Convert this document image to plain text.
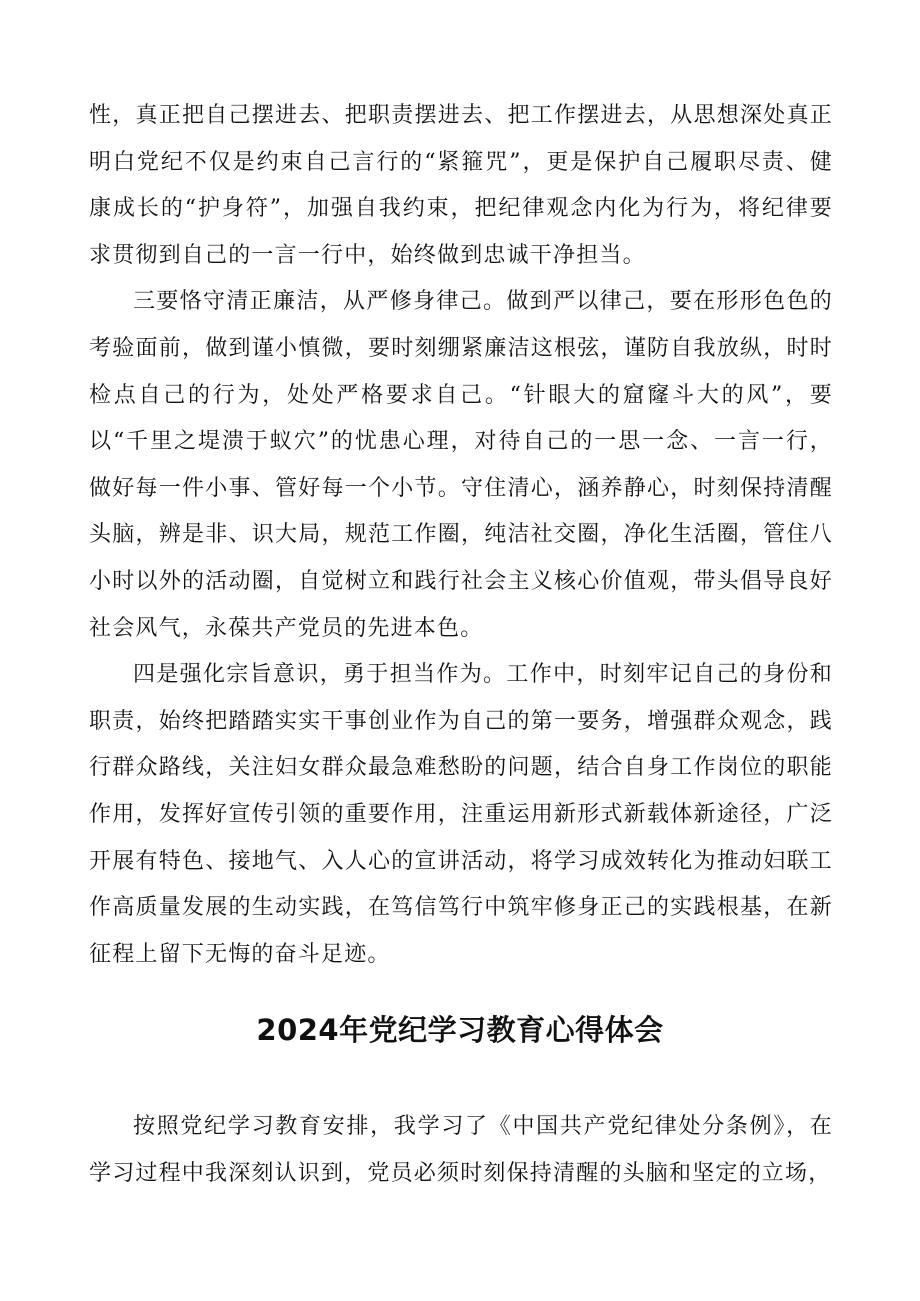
性，真正把自己摆进去、把职责摆进去、把工作摆进去，从思想深处真正明白党纪不仅是约束自己言行的“紧箍咒”，更是保护自己履职尽责、健康成长的“护身符”，加强自我约束，把纪律观念内化为行为，将纪律要求贯彻到自己的一言一行中，始终做到忠诚干净担当。

三要恪守清正廉洁，从严修身律己。做到严以律己，要在形形色色的考验面前，做到谨小慎微，要时刻绷紧廉洁这根弦，谨防自我放纵，时时检点自己的行为，处处严格要求自己。“针眼大的窟窿斗大的风”，要以“千里之堤溃于蚁穴”的忧患心理，对待自己的一思一念、一言一行，做好每一件小事、管好每一个小节。守住清心，涵养静心，时刻保持清醒头脑，辨是非、识大局，规范工作圈，纯洁社交圈，净化生活圈，管住八小时以外的活动圈，自觉树立和践行社会主义核心价值观，带头倡导良好社会风气，永葆共产党员的先进本色。

四是强化宗旨意识，勇于担当作为。工作中，时刻牢记自己的身份和职责，始终把踏踏实实干事创业作为自己的第一要务，增强群众观念，践行群众路线，关注妇女群众最急难愁盼的问题，结合自身工作岗位的职能作用，发挥好宣传引领的重要作用，注重运用新形式新载体新途径，广泛开展有特色、接地气、入人心的宣讲活动，将学习成效转化为推动妇联工作高质量发展的生动实践，在笃信笃行中筑牢修身正己的实践根基，在新征程上留下无悔的奋斗足迹。

2024年党纪学习教育心得体会

按照党纪学习教育安排，我学习了《中国共产党纪律处分条例》，在学习过程中我深刻认识到，党员必须时刻保持清醒的头脑和坚定的立场，
